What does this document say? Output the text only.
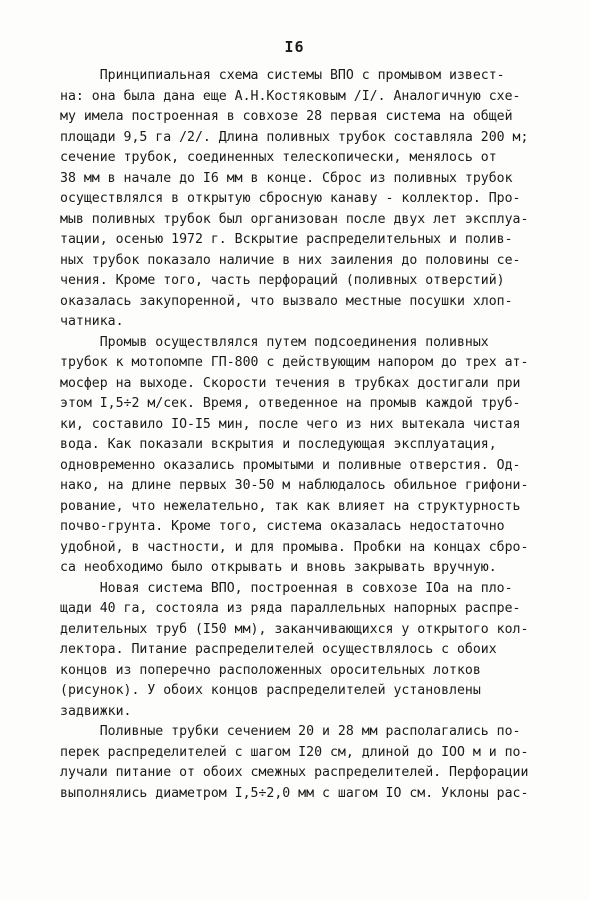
I6
Принципиальная схема системы ВПО с промывом извест-
на: она была дана еще А.Н.Костяковым /I/. Аналогичную схе-
му имела построенная в совхозе 28 первая система на общей
площади 9,5 га /2/. Длина поливных трубок составляла 200 м;
сечение трубок, соединенных телескопически, менялось от
38 мм в начале до I6 мм в конце. Сброс из поливных трубок
осуществлялся в открытую сбросную канаву - коллектор. Про-
мыв поливных трубок был организован после двух лет эксплуа-
тации, осенью 1972 г. Вскрытие распределительных и полив-
ных трубок показало наличие в них заиления до половины се-
чения. Кроме того, часть перфораций (поливных отверстий)
оказалась закупоренной, что вызвало местные посушки хлоп-
чатника.
Промыв осуществлялся путем подсоединения поливных
трубок к мотопомпе ГП-800 с действующим напором до трех ат-
мосфер на выходе. Скорости течения в трубках достигали при
этом I,5÷2 м/сек. Время, отведенное на промыв каждой труб-
ки, составило IO-I5 мин, после чего из них вытекала чистая
вода. Как показали вскрытия и последующая эксплуатация,
одновременно оказались промытыми и поливные отверстия. Од-
нако, на длине первых 30-50 м наблюдалось обильное грифони-
рование, что нежелательно, так как влияет на структурность
почво-грунта. Кроме того, система оказалась недостаточно
удобной, в частности, и для промыва. Пробки на концах сбро-
са необходимо было открывать и вновь закрывать вручную.
Новая система ВПО, построенная в совхозе IOа на пло-
щади 40 га, состояла из ряда параллельных напорных распре-
делительных труб (I50 мм), заканчивающихся у открытого кол-
лектора. Питание распределителей осуществлялось с обоих
концов из поперечно расположенных оросительных лотков
(рисунок). У обоих концов распределителей установлены
задвижки.
Поливные трубки сечением 20 и 28 мм располагались по-
перек распределителей с шагом I20 см, длиной до IOO м и по-
лучали питание от обоих смежных распределителей. Перфорации
выполнялись диаметром I,5÷2,0 мм с шагом IO см. Уклоны рас-
